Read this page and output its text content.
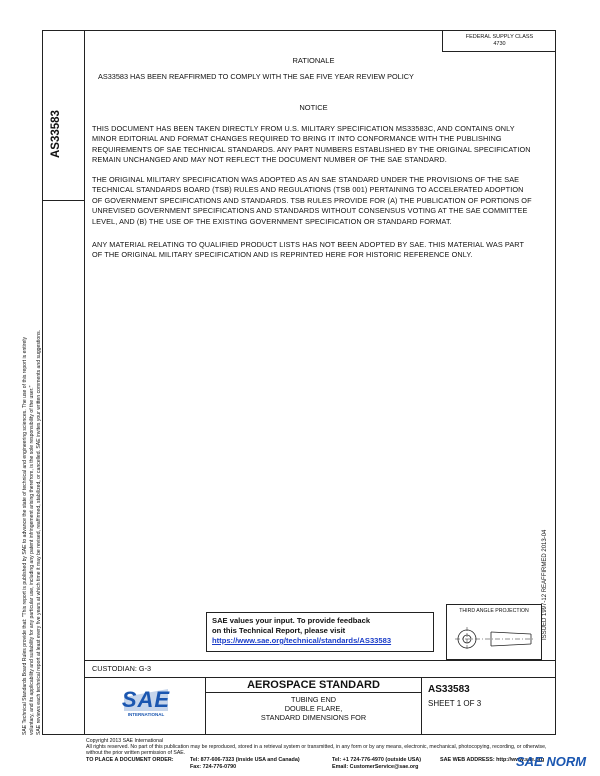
FEDERAL SUPPLY CLASS
4730
AS33583
SAE Technical Standards Board Rules provide that: "This report is published by SAE to advance the state of technical and engineering sciences. The use of this report is entirely voluntary, and its applicability and suitability for any particular use, including any patent infringement arising therefrom, is the sole responsibility of the user." SAE reviews each technical report at least every five years at which time it may be revised, reaffirmed, stabilized, or cancelled. SAE invites your written comments and suggestions.	ISSUED 1997-12 REAFFIRMED 2013-04
RATIONALE
AS33583 HAS BEEN REAFFIRMED TO COMPLY WITH THE SAE FIVE YEAR REVIEW POLICY
NOTICE
THIS DOCUMENT HAS BEEN TAKEN DIRECTLY FROM U.S. MILITARY SPECIFICATION MS33583C, AND CONTAINS ONLY MINOR EDITORIAL AND FORMAT CHANGES REQUIRED TO BRING IT INTO CONFORMANCE WITH THE PUBLISHING REQUIREMENTS OF SAE TECHNICAL STANDARDS. ANY PART NUMBERS ESTABLISHED BY THE ORIGINAL SPECIFICATION REMAIN UNCHANGED AND MAY NOT REFLECT THE DOCUMENT NUMBER OF THE SAE STANDARD.
THE ORIGINAL MILITARY SPECIFICATION WAS ADOPTED AS AN SAE STANDARD UNDER THE PROVISIONS OF THE SAE TECHNICAL STANDARDS BOARD (TSB) RULES AND REGULATIONS (TSB 001) PERTAINING TO ACCELERATED ADOPTION OF GOVERNMENT SPECIFICATIONS AND STANDARDS. TSB RULES PROVIDE FOR (A) THE PUBLICATION OF PORTIONS OF UNREVISED GOVERNMENT SPECIFICATIONS AND STANDARDS WITHOUT CONSENSUS VOTING AT THE SAE COMMITTEE LEVEL, AND (B) THE USE OF THE EXISTING GOVERNMENT SPECIFICATION OR STANDARD FORMAT.
ANY MATERIAL RELATING TO QUALIFIED PRODUCT LISTS HAS NOT BEEN ADOPTED BY SAE. THIS MATERIAL WAS PART OF THE ORIGINAL MILITARY SPECIFICATION AND IS REPRINTED HERE FOR HISTORIC REFERENCE ONLY.
SAE values your input. To provide feedback
on this Technical Report, please visit
https://www.sae.org/technical/standards/AS33583
THIRD ANGLE PROJECTION
CUSTODIAN: G-3
SAE
INTERNATIONAL
AEROSPACE STANDARD
TUBING END
DOUBLE FLARE,
STANDARD DIMENSIONS FOR
AS33583
SHEET 1 OF 3
Copyright 2013 SAE International
All rights reserved. No part of this publication may be reproduced, stored in a retrieval system or transmitted, in any form or by any means, electronic, mechanical, photocopying, recording, or otherwise, without the prior written permission of SAE.
TO PLACE A DOCUMENT ORDER:	Tel: 877-606-7323 (inside USA and Canada)
Fax: 724-776-0790
Tel: +1 724-776-4970 (outside USA)
Email: CustomerService@sae.org
SAE WEB ADDRESS: http://www.sae.org
SAE NORM
